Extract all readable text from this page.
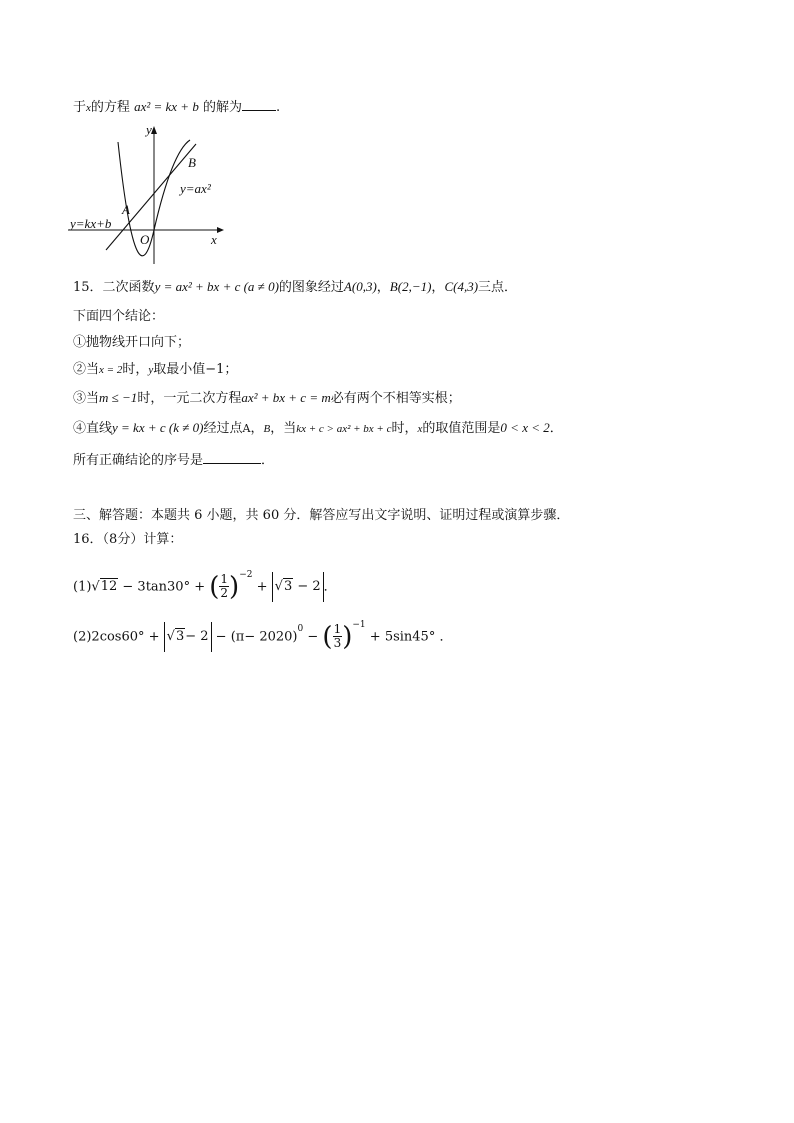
于x的方程 ax² = kx + b 的解为	.
y
x
O
A
B
y=ax²
y=kx+b
15．二次函数y = ax² + bx + c (a ≠ 0)的图象经过A(0,3)，B(2,−1)，C(4,3)三点．
下面四个结论：
①抛物线开口向下；
②当x = 2时，y取最小值−1；
③当m ≤ −1时，一元二次方程ax² + bx + c = m必有两个不相等实根；
④直线y = kx + c (k ≠ 0)经过点A，B，当kx + c > ax² + bx + c时，x的取值范围是0 < x < 2．
所有正确结论的序号是	．
三、解答题：本题共 6 小题，共 60 分．解答应写出文字说明、证明过程或演算步骤．
16．（8分）计算：
(1)√12 − 3tan30° + ( $\frac{1}{2} )^{-2} + √3 - 2$ ．
$(2)2\cos 60^\circ + √3- 2 - (\pi- 2020)^0$ − ( $\frac{1}{3} )^{-1} + 5\sin 45^\circ$ ．
